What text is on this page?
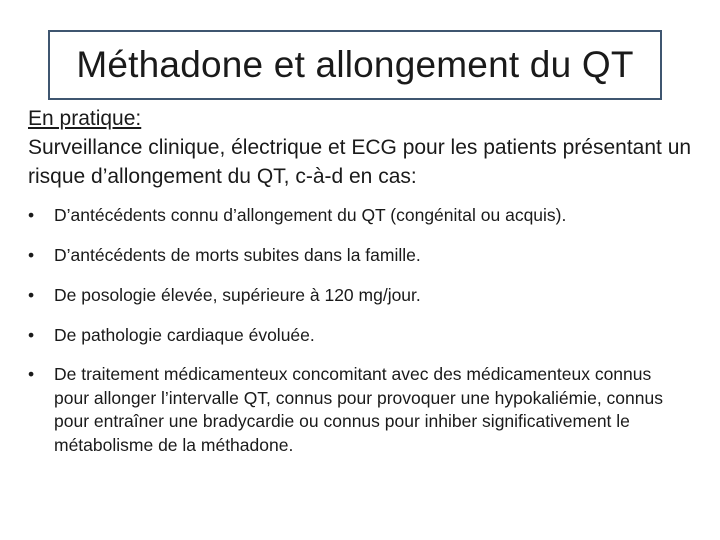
Méthadone et allongement du QT
En pratique:
Surveillance clinique, électrique et ECG pour les patients présentant un risque d’allongement du QT, c-à-d en cas:
• D’antécédents connu d’allongement du QT (congénital ou acquis).
• D’antécédents de morts subites dans la famille.
• De posologie élevée, supérieure à 120 mg/jour.
• De pathologie cardiaque évoluée.
• De traitement médicamenteux concomitant avec des médicamenteux connus pour allonger l’intervalle QT, connus pour provoquer une hypokaliémie, connus pour entraîner une bradycardie ou connus pour inhiber significativement le métabolisme de la méthadone.
